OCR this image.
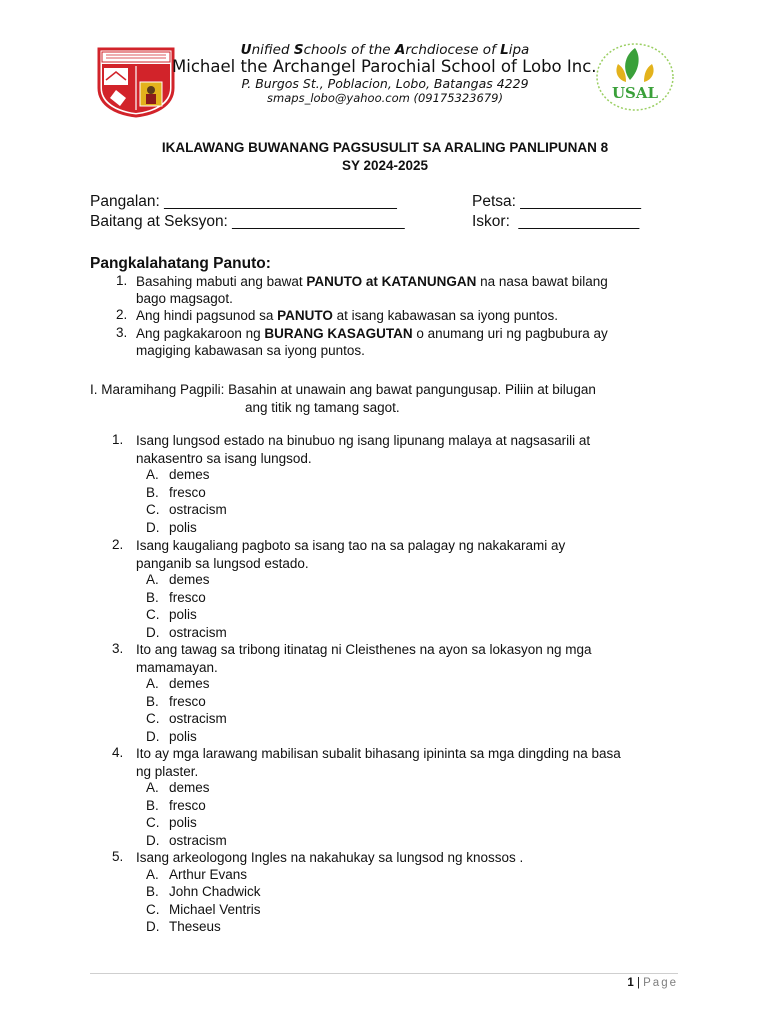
USAL
Unified Schools of the Archdiocese of Lipa
Michael the Archangel Parochial School of Lobo Inc.
P. Burgos St., Poblacion, Lobo, Batangas 4229
smaps_lobo@yahoo.com (09175323679)
IKALAWANG BUWANANG PAGSUSULIT SA ARALING PANLIPUNAN 8
SY 2024-2025
Pangalan: ___________________________	Petsa: ______________
Baitang at Seksyon: ____________________	Iskor:  ______________
Pangkalahatang Panuto:
1. Basahing mabuti ang bawat PANUTO at KATANUNGAN na nasa bawat bilang
bago magsagot.
2. Ang hindi pagsunod sa PANUTO at isang kabawasan sa iyong puntos.
3. Ang pagkakaroon ng BURANG KASAGUTAN o anumang uri ng pagbubura ay
magiging kabawasan sa iyong puntos.
I. Maramihang Pagpili: Basahin at unawain ang bawat pangungusap. Piliin at bilugan
ang titik ng tamang sagot.
1. Isang lungsod estado na binubuo ng isang lipunang malaya at nagsasarili at
nakasentro sa isang lungsod.
A. demes
B. fresco
C. ostracism
D. polis
2. Isang kaugaliang pagboto sa isang tao na sa palagay ng nakakarami ay
panganib sa lungsod estado.
A. demes
B. fresco
C. polis
D. ostracism
3. Ito ang tawag sa tribong itinatag ni Cleisthenes na ayon sa lokasyon ng mga
mamamayan.
A. demes
B. fresco
C. ostracism
D. polis
4. Ito ay mga larawang mabilisan subalit bihasang ipininta sa mga dingding na basa
ng plaster.
A. demes
B. fresco
C. polis
D. ostracism
5. Isang arkeologong Ingles na nakahukay sa lungsod ng knossos .
A. Arthur Evans
B. John Chadwick
C. Michael Ventris
D. Theseus
1 | Page
